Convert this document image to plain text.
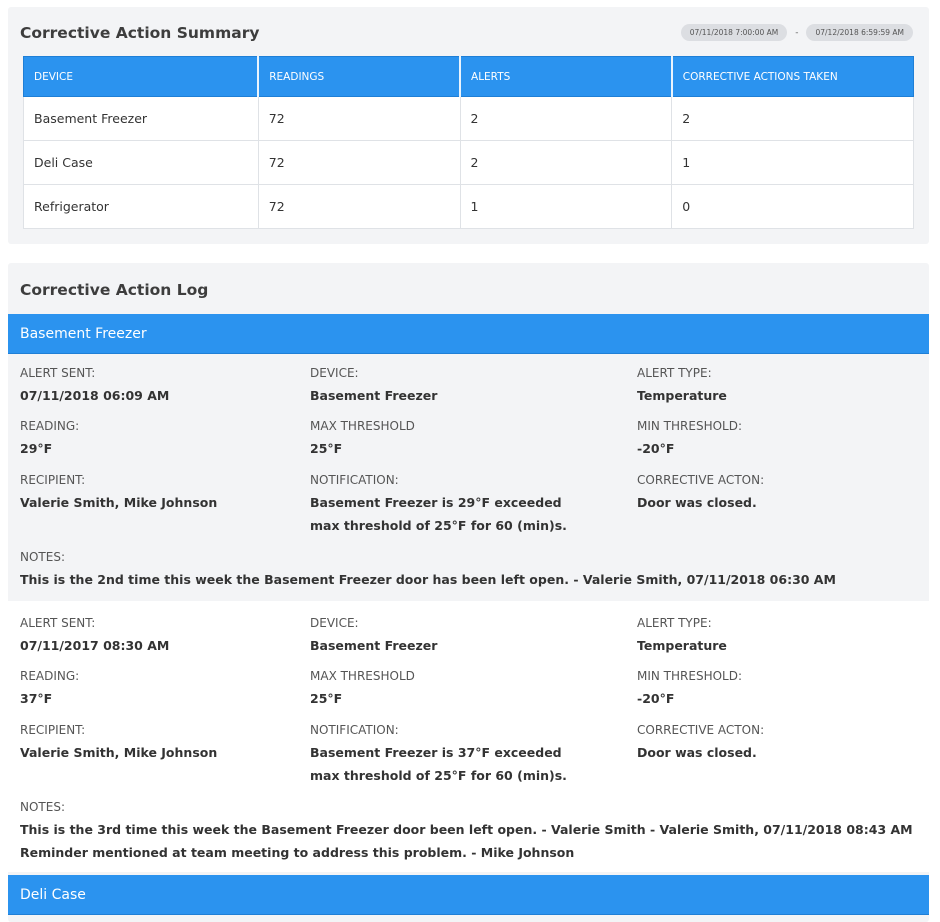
Corrective Action Summary	07/11/2018 7:00:00 AM	-	07/12/2018 6:59:59 AM
DEVICE	READINGS	ALERTS	CORRECTIVE ACTIONS TAKEN
Basement Freezer	72	2	2
Deli Case	72	2	1
Refrigerator	72	1	0
Corrective Action Log
Basement Freezer
ALERT SENT:
07/11/2018 06:09 AM
DEVICE:
Basement Freezer
ALERT TYPE:
Temperature
READING:
29°F
MAX THRESHOLD
25°F
MIN THRESHOLD:
-20°F
RECIPIENT:
Valerie Smith, Mike Johnson
NOTIFICATION:
Basement Freezer is 29°F exceeded
max threshold of 25°F for 60 (min)s.
CORRECTIVE ACTON:
Door was closed.
NOTES:
This is the 2nd time this week the Basement Freezer door has been left open. - Valerie Smith, 07/11/2018 06:30 AM
ALERT SENT:
07/11/2017 08:30 AM
DEVICE:
Basement Freezer
ALERT TYPE:
Temperature
READING:
37°F
MAX THRESHOLD
25°F
MIN THRESHOLD:
-20°F
RECIPIENT:
Valerie Smith, Mike Johnson
NOTIFICATION:
Basement Freezer is 37°F exceeded
max threshold of 25°F for 60 (min)s.
CORRECTIVE ACTON:
Door was closed.
NOTES:
This is the 3rd time this week the Basement Freezer door been left open. - Valerie Smith - Valerie Smith, 07/11/2018 08:43 AM
Reminder mentioned at team meeting to address this problem. - Mike Johnson
Deli Case
